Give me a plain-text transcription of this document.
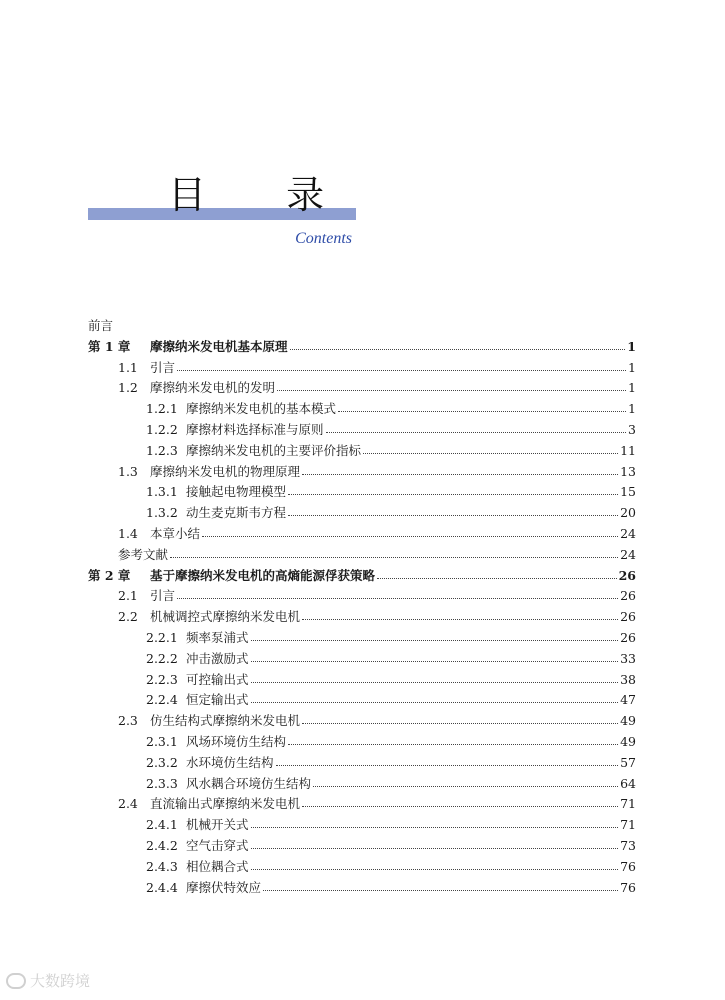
目 录
Contents
前言
第 1 章	摩擦纳米发电机基本原理	1
1.1 引言	1
1.2 摩擦纳米发电机的发明	1
1.2.1 摩擦纳米发电机的基本模式	1
1.2.2 摩擦材料选择标准与原则	3
1.2.3 摩擦纳米发电机的主要评价指标	11
1.3 摩擦纳米发电机的物理原理	13
1.3.1 接触起电物理模型	15
1.3.2 动生麦克斯韦方程	20
1.4 本章小结	24
参考文献	24
第 2 章	基于摩擦纳米发电机的高熵能源俘获策略	26
2.1 引言	26
2.2 机械调控式摩擦纳米发电机	26
2.2.1 频率泵浦式	26
2.2.2 冲击激励式	33
2.2.3 可控输出式	38
2.2.4 恒定输出式	47
2.3 仿生结构式摩擦纳米发电机	49
2.3.1 风场环境仿生结构	49
2.3.2 水环境仿生结构	57
2.3.3 风水耦合环境仿生结构	64
2.4 直流输出式摩擦纳米发电机	71
2.4.1 机械开关式	71
2.4.2 空气击穿式	73
2.4.3 相位耦合式	76
2.4.4 摩擦伏特效应	76
大数跨境
